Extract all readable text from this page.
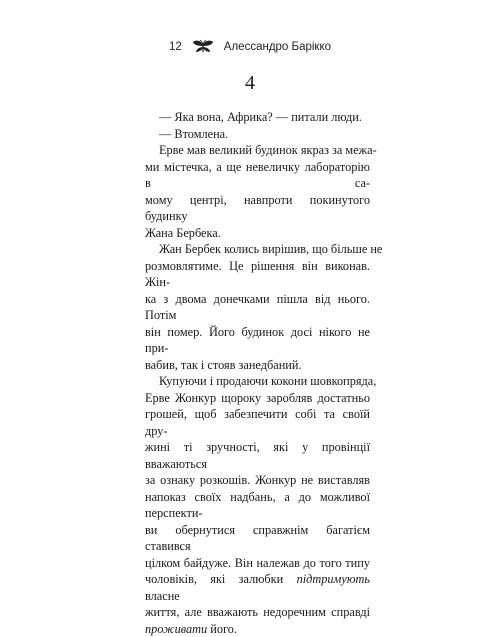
12	Алессандро Барікко
4
— Яка вона, Африка? — питали люди.
— Втомлена.
Ерве мав великий будинок якраз за межа-
ми містечка, а ще невеличку лабораторію в са-
мому центрі, навпроти покинутого будинку
Жана Бербека.
Жан Бербек колись вирішив, що більше не
розмовлятиме. Це рішення він виконав. Жін-
ка з двома донечками пішла від нього. Потім
він помер. Його будинок досі нікого не при-
вабив, так і стояв занедбаний.
Купуючи і продаючи кокони шовкопряда,
Ерве Жонкур щороку заробляв достатньо
грошей, щоб забезпечити собі та своїй дру-
жині ті зручності, які у провінції вважаються
за ознаку розкошів. Жонкур не виставляв
напоказ своїх надбань, а до можливої перспекти-
ви обернутися справжнім багатієм ставився
цілком байдуже. Він належав до того типу
чоловіків, які залюбки підтримують власне
життя, але вважають недоречним справді
проживати його.
